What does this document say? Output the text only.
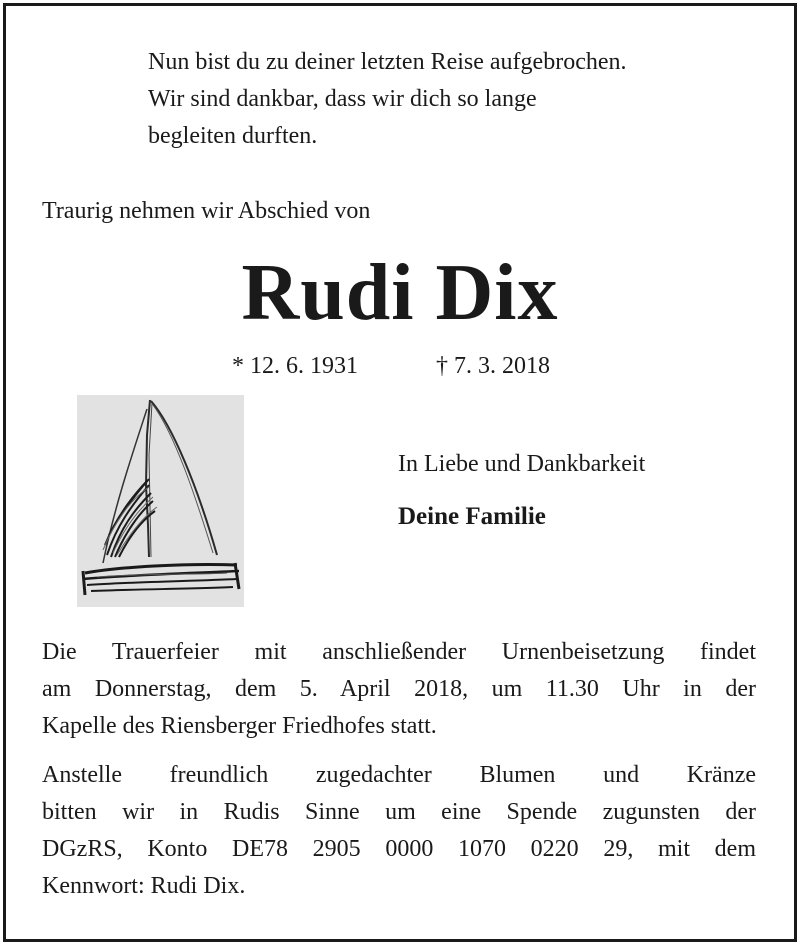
Nun bist du zu deiner letzten Reise aufgebrochen.
Wir sind dankbar, dass wir dich so lange
begleiten durften.
Traurig nehmen wir Abschied von
Rudi Dix
* 12. 6. 1931	† 7. 3. 2018
In Liebe und Dankbarkeit
Deine Familie
Die Trauerfeier mit anschließender Urnenbeisetzung findet
am Donnerstag, dem 5. April 2018, um 11.30 Uhr in der
Kapelle des Riensberger Friedhofes statt.
Anstelle freundlich zugedachter Blumen und Kränze
bitten wir in Rudis Sinne um eine Spende zugunsten der
DGzRS, Konto DE78 2905 0000 1070 0220 29, mit dem
Kennwort: Rudi Dix.
